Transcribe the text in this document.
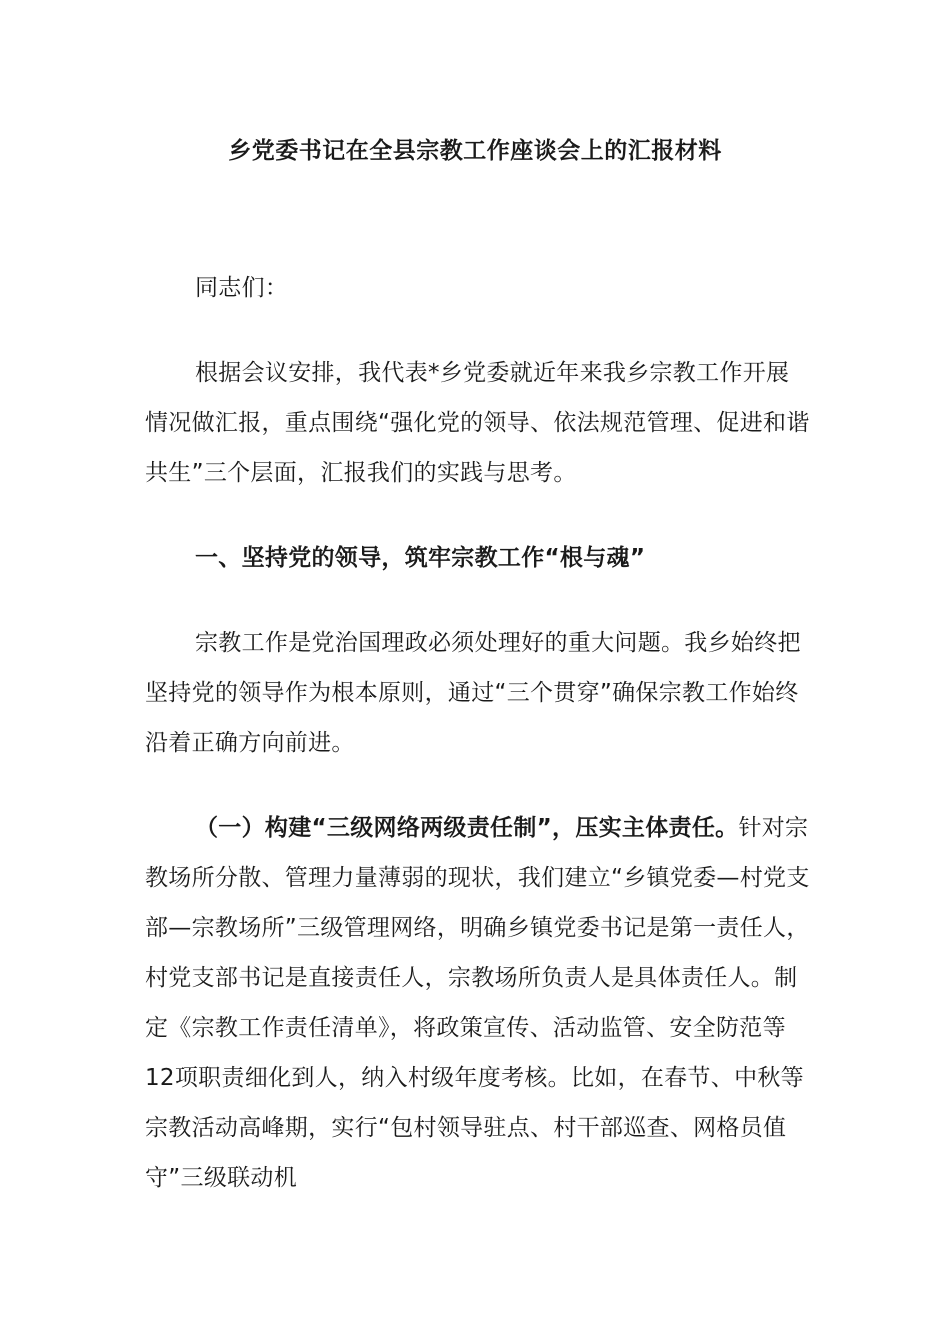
乡党委书记在全县宗教工作座谈会上的汇报材料

同志们：

根据会议安排，我代表*乡党委就近年来我乡宗教工作开展情况做汇报，重点围绕“强化党的领导、依法规范管理、促进和谐共生”三个层面，汇报我们的实践与思考。

一、坚持党的领导，筑牢宗教工作“根与魂”

宗教工作是党治国理政必须处理好的重大问题。我乡始终把坚持党的领导作为根本原则，通过“三个贯穿”确保宗教工作始终沿着正确方向前进。

（一）构建“三级网络两级责任制”，压实主体责任。针对宗教场所分散、管理力量薄弱的现状，我们建立“乡镇党委—村党支部—宗教场所”三级管理网络，明确乡镇党委书记是第一责任人，村党支部书记是直接责任人，宗教场所负责人是具体责任人。制定《宗教工作责任清单》，将政策宣传、活动监管、安全防范等12项职责细化到人，纳入村级年度考核。比如，在春节、中秋等宗教活动高峰期，实行“包村领导驻点、村干部巡查、网格员值守”三级联动机
